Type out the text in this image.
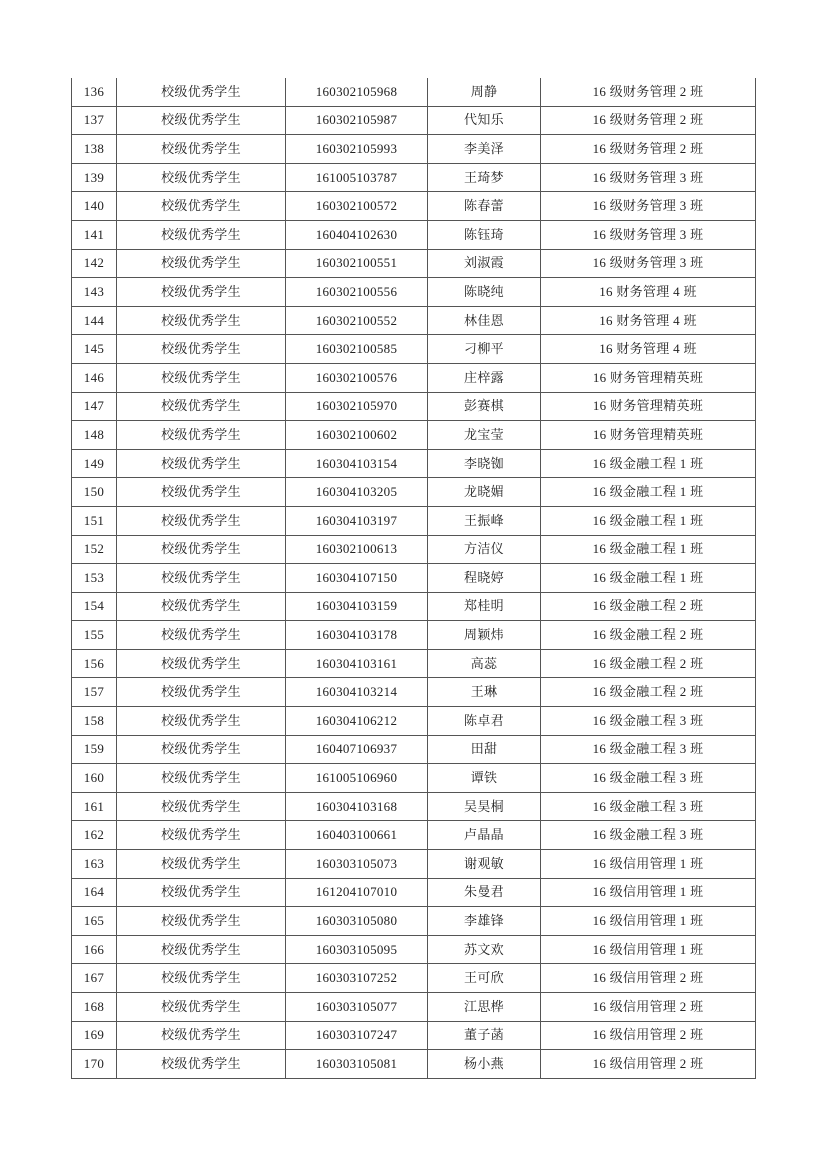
136	校级优秀学生	160302105968	周静	16 级财务管理 2 班
137	校级优秀学生	160302105987	代知乐	16 级财务管理 2 班
138	校级优秀学生	160302105993	李美泽	16 级财务管理 2 班
139	校级优秀学生	161005103787	王琦梦	16 级财务管理 3 班
140	校级优秀学生	160302100572	陈春蕾	16 级财务管理 3 班
141	校级优秀学生	160404102630	陈钰琦	16 级财务管理 3 班
142	校级优秀学生	160302100551	刘淑霞	16 级财务管理 3 班
143	校级优秀学生	160302100556	陈晓纯	16 财务管理 4 班
144	校级优秀学生	160302100552	林佳恩	16 财务管理 4 班
145	校级优秀学生	160302100585	刁柳平	16 财务管理 4 班
146	校级优秀学生	160302100576	庄梓露	16 财务管理精英班
147	校级优秀学生	160302105970	彭赛棋	16 财务管理精英班
148	校级优秀学生	160302100602	龙宝莹	16 财务管理精英班
149	校级优秀学生	160304103154	李晓铷	16 级金融工程 1 班
150	校级优秀学生	160304103205	龙晓媚	16 级金融工程 1 班
151	校级优秀学生	160304103197	王振峰	16 级金融工程 1 班
152	校级优秀学生	160302100613	方洁仪	16 级金融工程 1 班
153	校级优秀学生	160304107150	程晓婷	16 级金融工程 1 班
154	校级优秀学生	160304103159	郑桂明	16 级金融工程 2 班
155	校级优秀学生	160304103178	周颖炜	16 级金融工程 2 班
156	校级优秀学生	160304103161	高蕊	16 级金融工程 2 班
157	校级优秀学生	160304103214	王琳	16 级金融工程 2 班
158	校级优秀学生	160304106212	陈卓君	16 级金融工程 3 班
159	校级优秀学生	160407106937	田甜	16 级金融工程 3 班
160	校级优秀学生	161005106960	谭铁	16 级金融工程 3 班
161	校级优秀学生	160304103168	吴昊桐	16 级金融工程 3 班
162	校级优秀学生	160403100661	卢晶晶	16 级金融工程 3 班
163	校级优秀学生	160303105073	谢观敏	16 级信用管理 1 班
164	校级优秀学生	161204107010	朱曼君	16 级信用管理 1 班
165	校级优秀学生	160303105080	李雄锋	16 级信用管理 1 班
166	校级优秀学生	160303105095	苏文欢	16 级信用管理 1 班
167	校级优秀学生	160303107252	王可欣	16 级信用管理 2 班
168	校级优秀学生	160303105077	江思桦	16 级信用管理 2 班
169	校级优秀学生	160303107247	董子菡	16 级信用管理 2 班
170	校级优秀学生	160303105081	杨小燕	16 级信用管理 2 班
